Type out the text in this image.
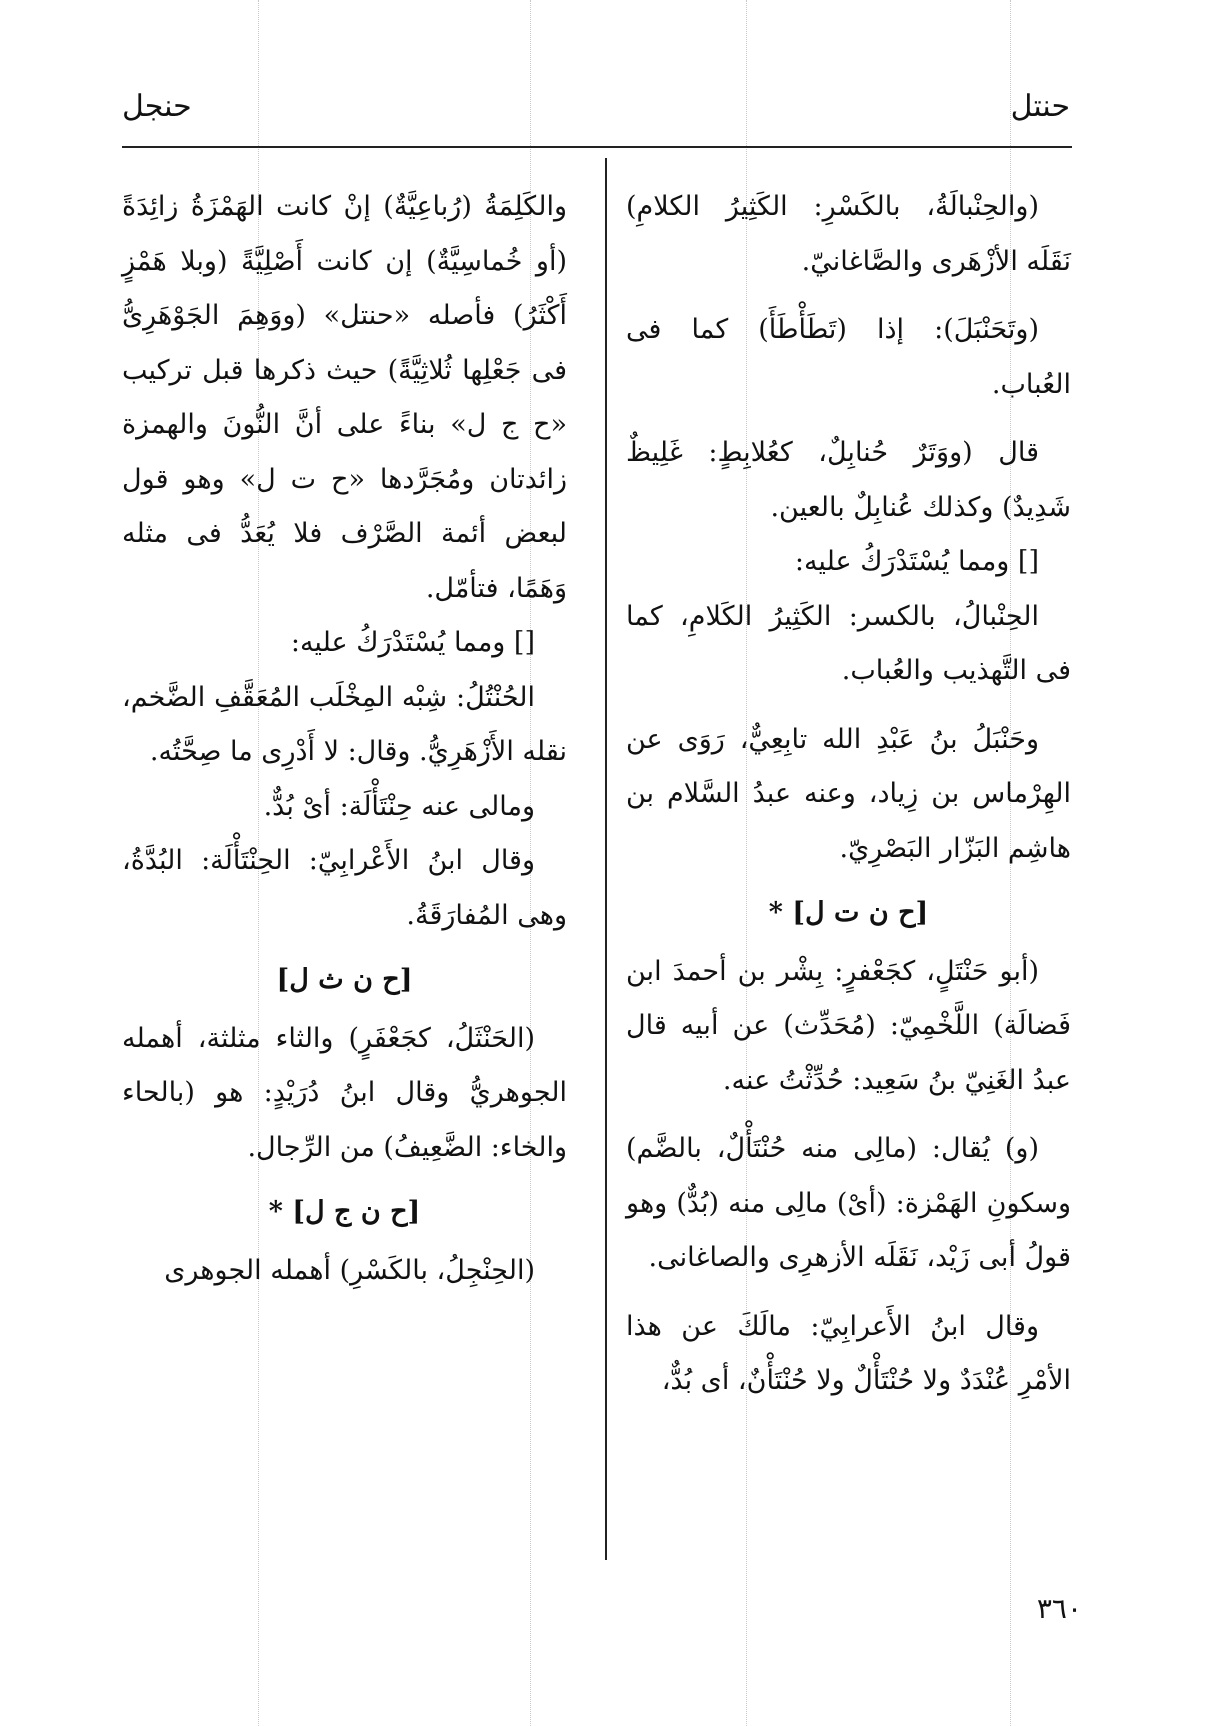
حنجل	حنتل

(والحِنْبالَةُ، بالكَسْرِ: الكَثِيرُ الكلامِ) نَقَلَه الأزْهَرى والصَّاغانيّ.

(وتَحَنْبَلَ): إذا (تَطَأْطَأَ) كما فى العُباب.

قال (ووَتَرٌ حُنابِلٌ، كعُلابِطٍ: غَلِيظٌ شَدِيدٌ) وكذلك عُنابِلٌ بالعين.

[] ومما يُسْتَدْرَكُ عليه:

الحِنْبالُ، بالكسر: الكَثِيرُ الكَلامِ، كما فى التَّهذيب والعُباب.

وحَنْبَلُ بنُ عَبْدِ الله تابِعِيٌّ، رَوَى عن الهِرْماس بن زِياد، وعنه عبدُ السَّلام بن هاشِم البَزّار البَصْرِيّ.

[ح ن ت ل] *

(أبو حَنْتَلٍ، كجَعْفرٍ: بِشْر بن أحمدَ ابن فَضالَة) اللَّخْمِيّ: (مُحَدِّث) عن أبيه قال عبدُ الغَنِيّ بنُ سَعِيد: حُدِّثْتُ عنه.

(و) يُقال: (مالِى منه حُنْتَأْلٌ، بالضَّم) وسكونِ الهَمْزة: (أىْ) مالِى منه (بُدٌّ) وهو قولُ أبى زَيْد، نَقَلَه الأزهرِى والصاغانى.

وقال ابنُ الأَعرابِيّ: مالَكَ عن هذا الأمْرِ عُنْدَدٌ ولا حُنْتَأْلٌ ولا حُنْتَأْنٌ، أى بُدٌّ،

والكَلِمَةُ (رُباعِيَّةٌ) إنْ كانت الهَمْزَةُ زائِدَةً (أو خُماسِيَّةٌ) إن كانت أَصْلِيَّةً (وبلا هَمْزٍ أَكْثَرُ) فأصله «حنتل» (ووَهِمَ الجَوْهَرِىُّ فى جَعْلِها ثُلاثِيَّةً) حيث ذكرها قبل تركيب «ح ج ل» بناءً على أنَّ النُّونَ والهمزة زائدتان ومُجَرَّدها «ح ت ل» وهو قول لبعض أئمة الصَّرْف فلا يُعَدُّ فى مثله وَهَمًا، فتأمّل.

[] ومما يُسْتَدْرَكُ عليه:

الحُنْتُلُ: شِبْه المِخْلَب المُعَقَّفِ الضَّخم، نقله الأَزْهَرِيُّ. وقال: لا أَدْرِى ما صِحَّتُه.

ومالى عنه حِنْتَأْلَة: أىْ بُدٌّ.

وقال ابنُ الأَعْرابِيّ: الحِنْتَأْلَة: البُدَّةُ، وهى المُفارَقَةُ.

[ح ن ث ل]

(الحَنْثَلُ، كجَعْفَرٍ) والثاء مثلثة، أهمله الجوهريُّ وقال ابنُ دُرَيْدٍ: هو (بالحاء والخاء: الضَّعِيفُ) من الرِّجال.

[ح ن ج ل] *

(الحِنْجِلُ، بالكَسْرِ) أهمله الجوهرى

٣٦٠
